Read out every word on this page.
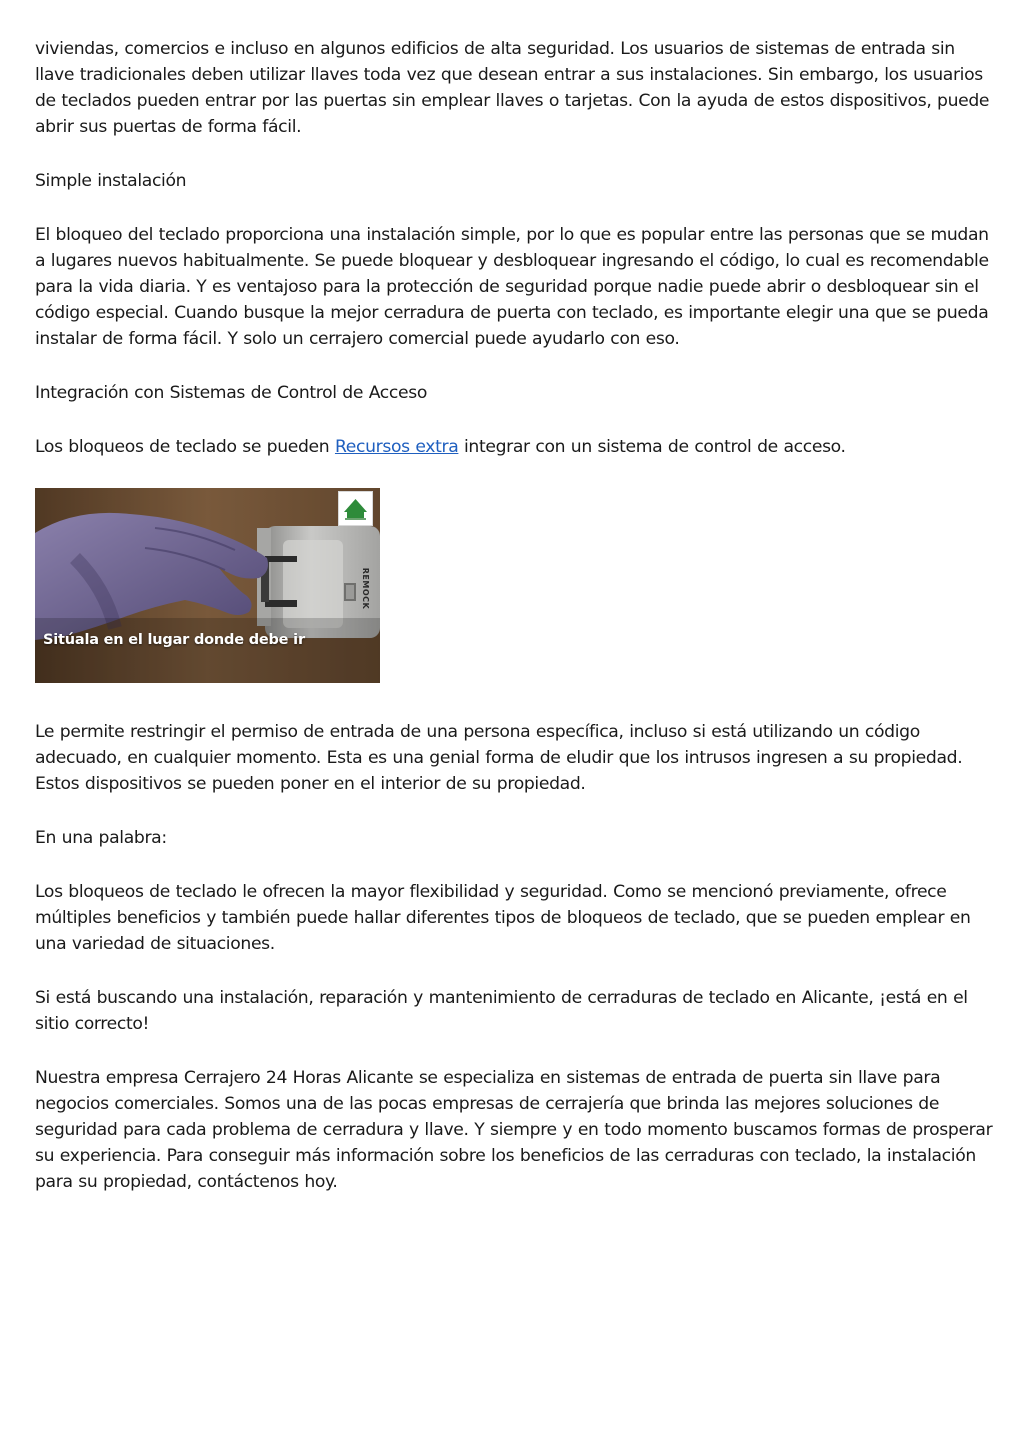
viviendas, comercios e incluso en algunos edificios de alta seguridad. Los usuarios de sistemas de entrada sin llave tradicionales deben utilizar llaves toda vez que desean entrar a sus instalaciones. Sin embargo, los usuarios de teclados pueden entrar por las puertas sin emplear llaves o tarjetas. Con la ayuda de estos dispositivos, puede abrir sus puertas de forma fácil.

Simple instalación

El bloqueo del teclado proporciona una instalación simple, por lo que es popular entre las personas que se mudan a lugares nuevos habitualmente. Se puede bloquear y desbloquear ingresando el código, lo cual es recomendable para la vida diaria. Y es ventajoso para la protección de seguridad porque nadie puede abrir o desbloquear sin el código especial. Cuando busque la mejor cerradura de puerta con teclado, es importante elegir una que se pueda instalar de forma fácil. Y solo un cerrajero comercial puede ayudarlo con eso.

Integración con Sistemas de Control de Acceso

Los bloqueos de teclado se pueden Recursos extra integrar con un sistema de control de acceso.

REMOCK
Sitúala en el lugar donde debe ir

Le permite restringir el permiso de entrada de una persona específica, incluso si está utilizando un código adecuado, en cualquier momento. Esta es una genial forma de eludir que los intrusos ingresen a su propiedad. Estos dispositivos se pueden poner en el interior de su propiedad.

En una palabra:

Los bloqueos de teclado le ofrecen la mayor flexibilidad y seguridad. Como se mencionó previamente, ofrece múltiples beneficios y también puede hallar diferentes tipos de bloqueos de teclado, que se pueden emplear en una variedad de situaciones.

Si está buscando una instalación, reparación y mantenimiento de cerraduras de teclado en Alicante, ¡está en el sitio correcto!

Nuestra empresa Cerrajero 24 Horas Alicante se especializa en sistemas de entrada de puerta sin llave para negocios comerciales. Somos una de las pocas empresas de cerrajería que brinda las mejores soluciones de seguridad para cada problema de cerradura y llave. Y siempre y en todo momento buscamos formas de prosperar su experiencia. Para conseguir más información sobre los beneficios de las cerraduras con teclado, la instalación para su propiedad, contáctenos hoy.
